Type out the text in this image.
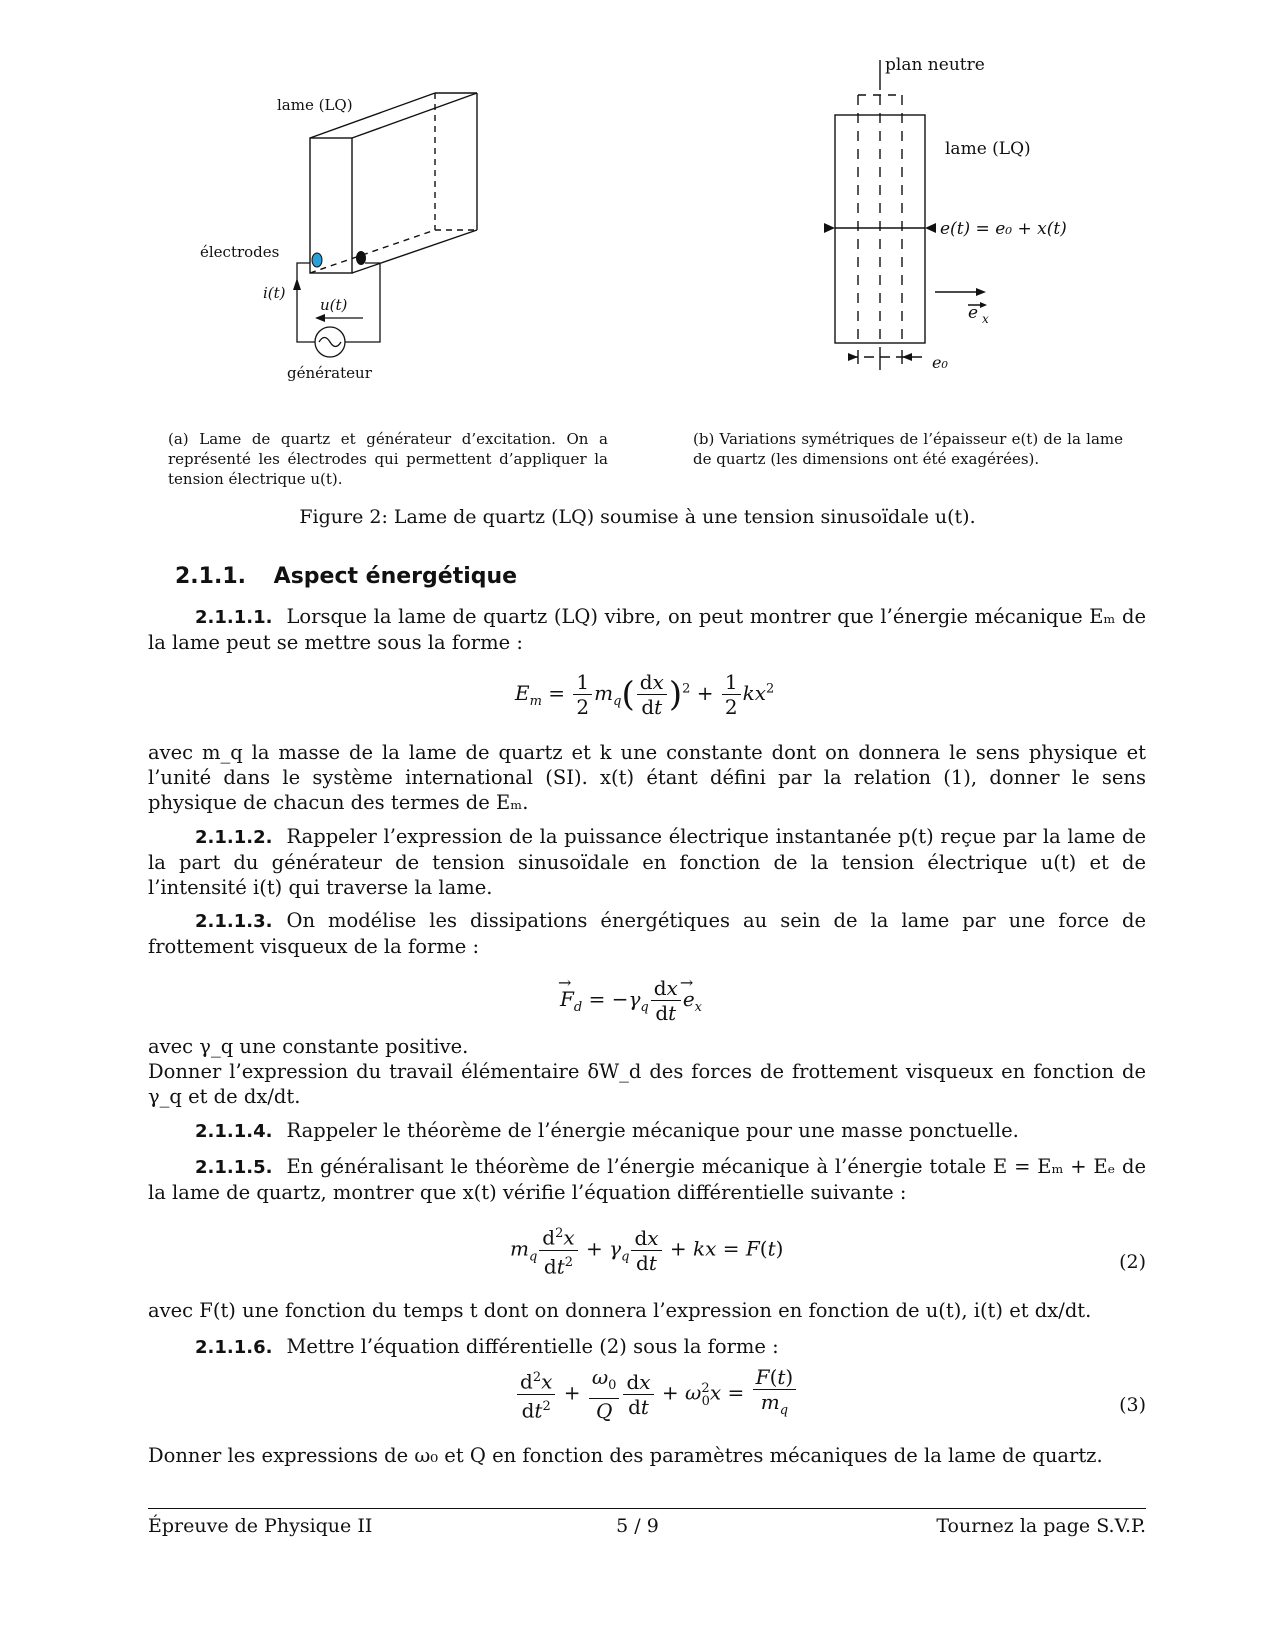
lame (LQ)
électrodes
i(t)
u(t)
générateur
plan neutre
lame (LQ)
e(t) = e₀ + x(t)
e x
e₀
(a) Lame de quartz et générateur d’excitation. On a représenté les électrodes qui permettent d’appliquer la tension électrique u(t).
(b) Variations symétriques de l’épaisseur e(t) de la lame de quartz (les dimensions ont été exagérées).
Figure 2: Lame de quartz (LQ) soumise à une tension sinusoïdale u(t).
2.1.1. Aspect énergétique
2.1.1.1. Lorsque la lame de quartz (LQ) vibre, on peut montrer que l’énergie mécanique Eₘ de la lame peut se mettre sous la forme :
$E_m = \frac{1}{2} m_q( \frac{dx}{dt} )^2 + \frac{1}{2} kx^2$
avec m_q la masse de la lame de quartz et k une constante dont on donnera le sens physique et l’unité dans le système international (SI). x(t) étant défini par la relation (1), donner le sens physique de chacun des termes de Eₘ.
2.1.1.2. Rappeler l’expression de la puissance électrique instantanée p(t) reçue par la lame de la part du générateur de tension sinusoïdale en fonction de la tension électrique u(t) et de l’intensité i(t) qui traverse la lame.
2.1.1.3. On modélise les dissipations énergétiques au sein de la lame par une force de frottement visqueux de la forme :
F
→
$_d = -\gamma_q \frac{dx}{dt}$ e
→
$_x$
avec γ_q une constante positive.
Donner l’expression du travail élémentaire δW_d des forces de frottement visqueux en fonction de γ_q et de dx/dt.
2.1.1.4. Rappeler le théorème de l’énergie mécanique pour une masse ponctuelle.
2.1.1.5. En généralisant le théorème de l’énergie mécanique à l’énergie totale E = Eₘ + Eₑ de la lame de quartz, montrer que x(t) vérifie l’équation différentielle suivante :
$m_q \frac{d^2x}{dt^2} + \gamma_q \frac{dx}{dt}$ + kx = F(t)
(2)
avec F(t) une fonction du temps t dont on donnera l’expression en fonction de u(t), i(t) et dx/dt.
2.1.1.6. Mettre l’équation différentielle (2) sous la forme :
$\frac{d^2x}{dt^2} + \frac{\omega_0}{Q} \frac{dx}{dt} + \omega^2_0x = \frac{F(t)}{m_q}$	(3)
Donner les expressions de ω₀ et Q en fonction des paramètres mécaniques de la lame de quartz.
Épreuve de Physique II	5 / 9	Tournez la page S.V.P.
